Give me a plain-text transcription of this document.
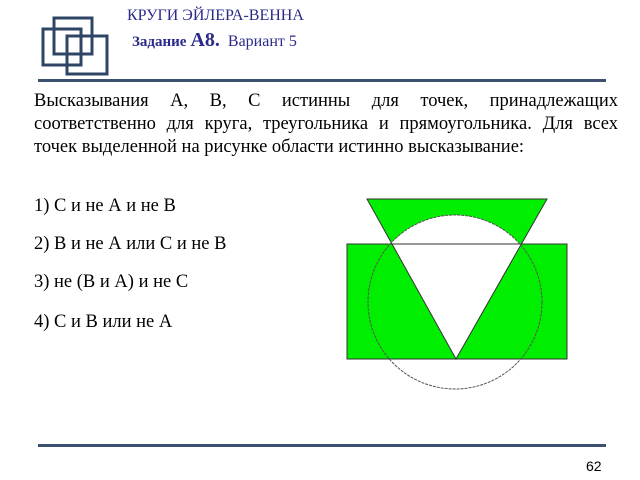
КРУГИ ЭЙЛЕРА-ВЕННА
Задание А8. Вариант 5
Высказывания А, В, С истинны для точек, принадлежащих соответственно для круга, треугольника и прямоугольника. Для всех точек выделенной на рисунке области истинно высказывание:
1) С и не А и не В
2) В и не А или С и не В
3) не (В и А) и не С
4) С и В или не А
62
